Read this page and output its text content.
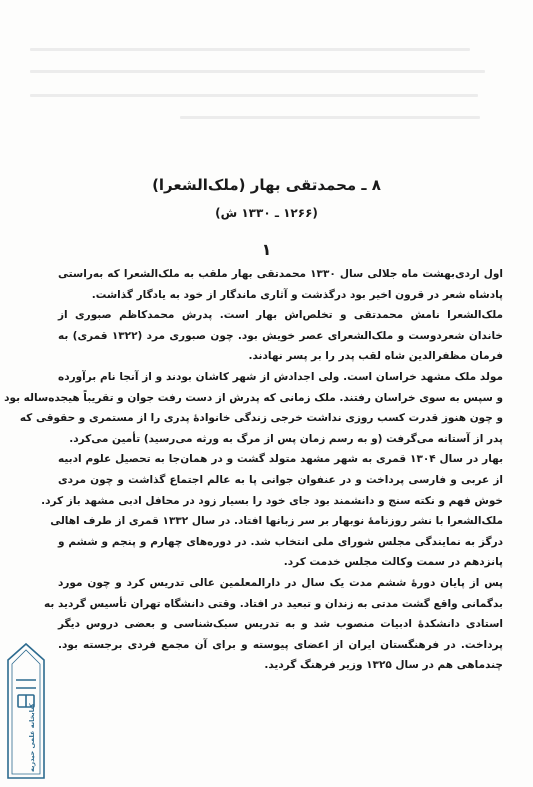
۸ ـ محمدتقی بهار (ملک‌الشعرا)
(۱۲۶۶ ـ ۱۳۳۰ ش)
۱
اول اردی‌بهشت ماه جلالی سال ۱۳۳۰ محمدتقی بهار ملقب به ملک‌الشعرا که به‌راستی
پادشاه شعر در قرون اخیر بود درگذشت و آثاری ماندگار از خود به یادگار گذاشت.
ملک‌الشعرا نامش محمدتقی و تخلص‌اش بهار است. پدرش محمدکاظم صبوری از
خاندان شعردوست و ملک‌الشعرای عصر خویش بود. چون صبوری مرد (۱۳۲۲ قمری) به
فرمان مظفرالدین شاه لقب پدر را بر پسر نهادند.
مولد ملک مشهد خراسان است. ولی اجدادش از شهر کاشان بودند و از آنجا نام برآورده
و سپس به سوی خراسان رفتند. ملک زمانی که پدرش از دست رفت جوان و تقریباً هیجده‌ساله بود
و چون هنوز قدرت کسب روزی نداشت خرجی زندگی خانوادهٔ پدری را از مستمری و حقوقی که
پدر از آستانه می‌گرفت (و به رسم زمان پس از مرگ به ورثه می‌رسید) تأمین می‌کرد.
بهار در سال ۱۳۰۴ قمری به شهر مشهد متولد گشت و در همان‌جا به تحصیل علوم ادبیه
از عربی و فارسی پرداخت و در عنفوان جوانی پا به عالم اجتماع گذاشت و چون مردی
خوش فهم و نکته سنج و دانشمند بود جای خود را بسیار زود در محافل ادبی مشهد باز کرد.
ملک‌الشعرا با نشر روزنامهٔ نوبهار بر سر زبانها افتاد. در سال ۱۳۳۲ قمری از طرف اهالی
درگز به نمایندگی مجلس شورای ملی انتخاب شد. در دوره‌های چهارم و پنجم و ششم و
پانزدهم در سمت وکالت مجلس خدمت کرد.
پس از پایان دورهٔ ششم مدت یک سال در دارالمعلمین عالی تدریس کرد و چون مورد
بدگمانی واقع گشت مدتی به زندان و تبعید در افتاد. وقتی دانشگاه تهران تأسیس گردید به
استادی دانشکدهٔ ادبیات منصوب شد و به تدریس سبک‌شناسی و بعضی دروس دیگر
پرداخت. در فرهنگستان ایران از اعضای پیوسته و برای آن مجمع فردی برجسته بود.
چندماهی هم در سال ۱۳۲۵ وزیر فرهنگ گردید.
کتابخانه علمی حیدریه
